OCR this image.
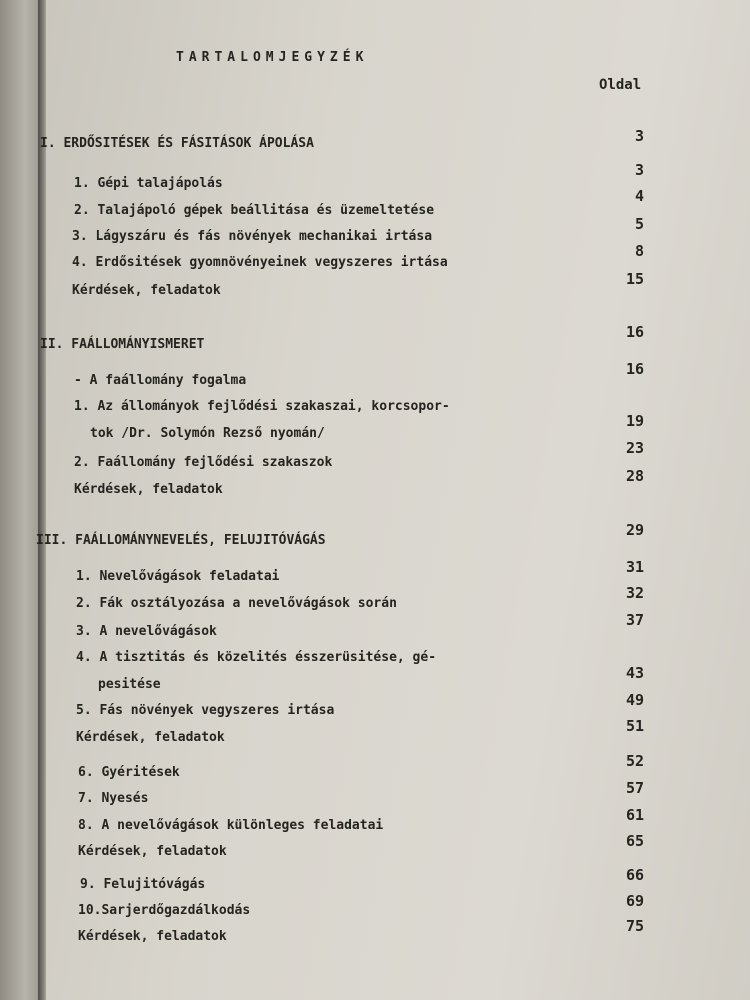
TARTALOMJEGYZÉK
Oldal
I. ERDŐSITÉSEK ÉS FÁSITÁSOK ÁPOLÁSA	3
1. Gépi talajápolás
3
2. Talajápoló gépek beállitása és üzemeltetése
4
3. Lágyszáru és fás növények mechanikai irtása
5
4. Erdősitések gyomnövényeinek vegyszeres irtása
8
Kérdések, feladatok
15
II. FAÁLLOMÁNYISMERET
16
- A faállomány fogalma
16
1. Az állományok fejlődési szakaszai, korcsopor-
tok /Dr. Solymón Rezső nyomán/
19
2. Faállomány fejlődési szakaszok
23
Kérdések, feladatok
28
III. FAÁLLOMÁNYNEVELÉS, FELUJITÓVÁGÁS
29
1. Nevelővágások feladatai
31
2. Fák osztályozása a nevelővágások során
32
3. A nevelővágások
37
4. A tisztitás és közelités ésszerüsitése, gé-
pesitése
43
5. Fás növények vegyszeres irtása
49
Kérdések, feladatok
51
6. Gyéritések
52
7. Nyesés
57
8. A nevelővágások különleges feladatai
61
Kérdések, feladatok
65
9. Felujitóvágás
66
10.Sarjerdőgazdálkodás
69
Kérdések, feladatok
75
